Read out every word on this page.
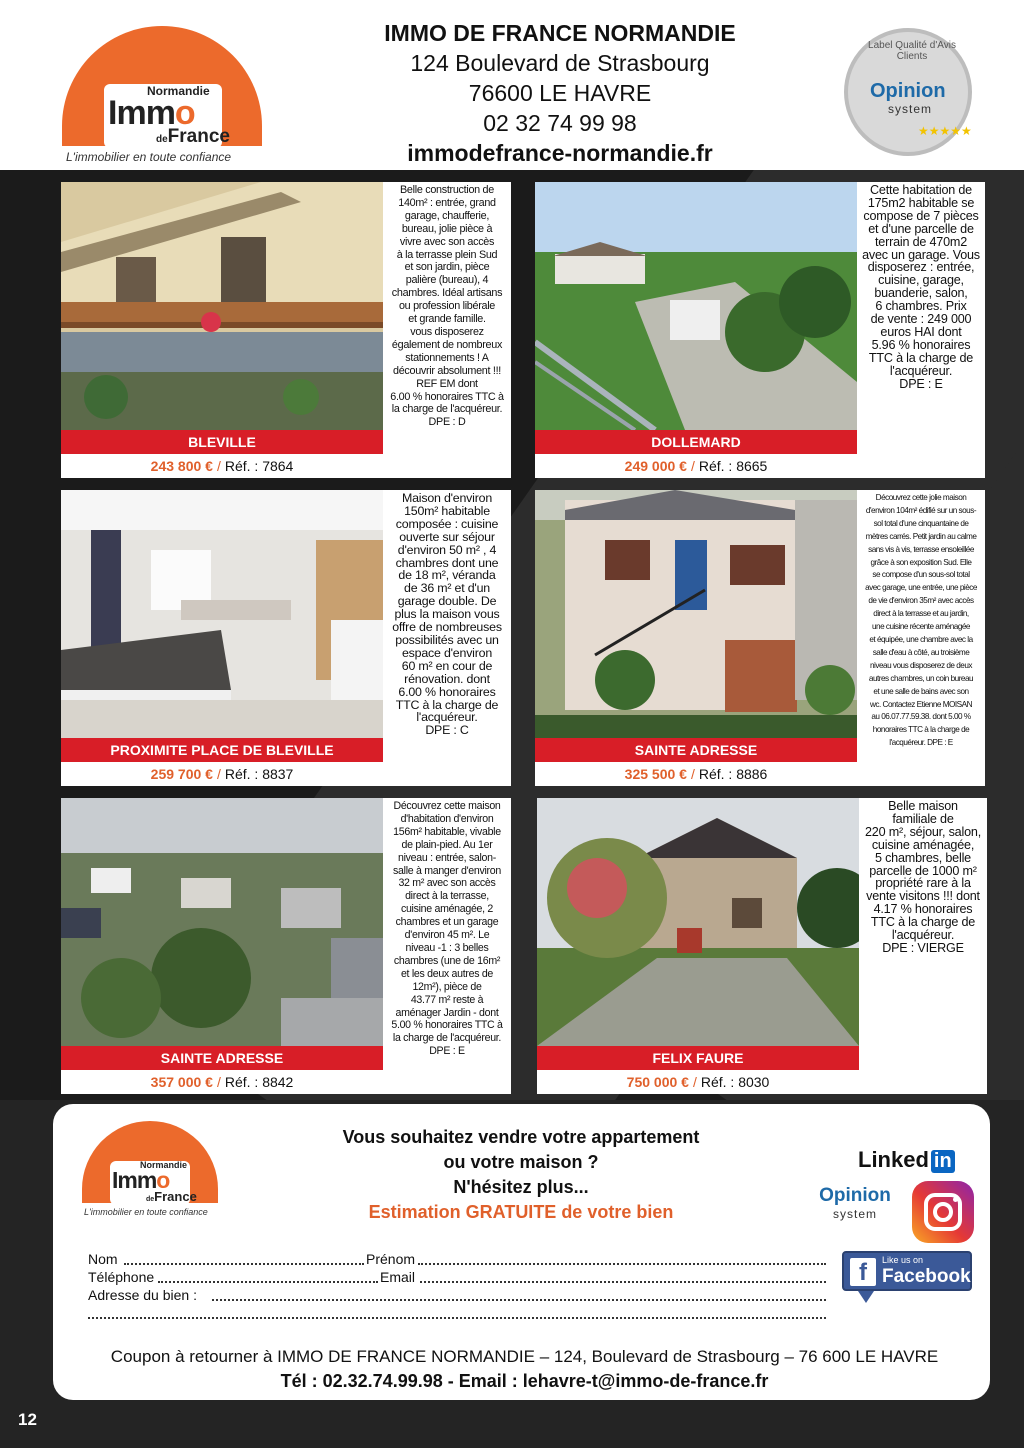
Normandie
Immo
deFrance
L'immobilier en toute confiance
IMMO DE FRANCE NORMANDIE
124 Boulevard de Strasbourg
76600 LE HAVRE
02 32 74 99 98
immodefrance-normandie.fr
Label Qualité d'Avis Clients
Opinion
system
★★★★★
BLEVILLE
243 800 € / Réf. : 7864
Belle construction de
140m² : entrée, grand
garage, chaufferie,
bureau, jolie pièce à
vivre avec son accès
à la terrasse plein Sud
et son jardin, pièce
palière (bureau), 4
chambres. Idéal artisans
ou profession libérale
et grande famille.
vous disposerez
également de nombreux
stationnements ! A
découvrir absolument !!!
REF EM dont
6.00 % honoraires TTC à
la charge de l'acquéreur.
DPE : D
DOLLEMARD
249 000 € / Réf. : 8665
Cette habitation de
175m2 habitable se
compose de 7 pièces
et d'une parcelle de
terrain de 470m2
avec un garage. Vous
disposerez : entrée,
cuisine, garage,
buanderie, salon,
6 chambres. Prix
de vente : 249 000
euros HAI dont
5.96 % honoraires
TTC à la charge de
l'acquéreur.
DPE : E
PROXIMITE PLACE DE BLEVILLE
259 700 € / Réf. : 8837
Maison d'environ
150m² habitable
composée : cuisine
ouverte sur séjour
d'environ 50 m² , 4
chambres dont une
de 18 m², véranda
de 36 m² et d'un
garage double. De
plus la maison vous
offre de nombreuses
possibilités avec un
espace d'environ
60 m² en cour de
rénovation. dont
6.00 % honoraires
TTC à la charge de
l'acquéreur.
DPE : C
SAINTE ADRESSE
325 500 € / Réf. : 8886
Découvrez cette jolie maison
d'environ 104m² édifié sur un sous-
sol total d'une cinquantaine de
mètres carrés. Petit jardin au calme
sans vis à vis, terrasse ensoleillée
grâce à son exposition Sud. Elle
se compose d'un sous-sol total
avec garage, une entrée, une pièce
de vie d'environ 35m² avec accès
direct à la terrasse et au jardin,
une cuisine récente aménagée
et équipée, une chambre avec la
salle d'eau à côté, au troisième
niveau vous disposerez de deux
autres chambres, un coin bureau
et une salle de bains avec son
wc. Contactez Etienne MOISAN
au 06.07.77.59.38. dont 5.00 %
honoraires TTC à la charge de
l'acquéreur. DPE : E
SAINTE ADRESSE
357 000 € / Réf. : 8842
Découvrez cette maison
d'habitation d'environ
156m² habitable, vivable
de plain-pied. Au 1er
niveau : entrée, salon-
salle à manger d'environ
32 m² avec son accès
direct à la terrasse,
cuisine aménagée, 2
chambres et un garage
d'environ 45 m². Le
niveau -1 : 3 belles
chambres (une de 16m²
et les deux autres de
12m²), pièce de
43.77 m² reste à
aménager Jardin - dont
5.00 % honoraires TTC à
la charge de l'acquéreur.
DPE : E	FELIX FAURE
750 000 € / Réf. : 8030
Belle maison
familiale de
220 m², séjour, salon,
cuisine aménagée,
5 chambres, belle
parcelle de 1000 m²
propriété rare à la
vente visitons !!! dont
4.17 % honoraires
TTC à la charge de
l'acquéreur.
DPE : VIERGE
Normandie
Immo
deFrance
L'immobilier en toute confiance
Vous souhaitez vendre votre appartement
ou votre maison ?
N'hésitez plus...
Estimation GRATUITE de votre bien
Nom	Prénom
Téléphone	Email
Adresse du bien :
Coupon à retourner à IMMO DE FRANCE NORMANDIE – 124, Boulevard de Strasbourg – 76 600 LE HAVRE
Tél : 02.32.74.99.98 - Email : lehavre-t@immo-de-france.fr
Linked in
Opinion
system
f	Like us on
Facebook
12
